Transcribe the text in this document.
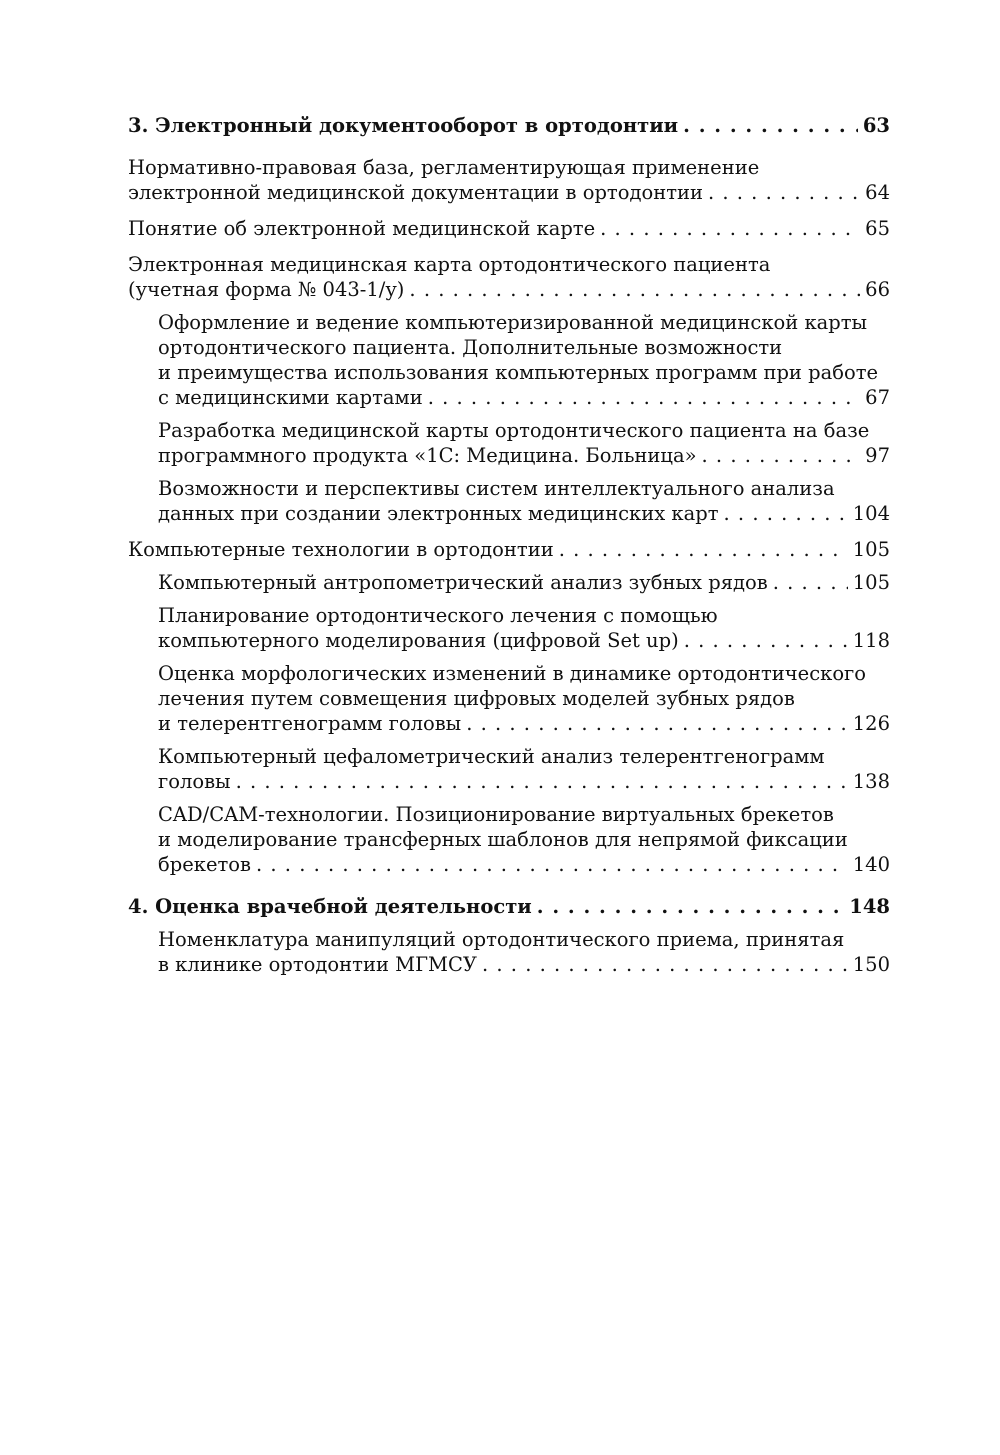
3. Электронный документооборот в ортодонтии . . .	63
Нормативно-правовая база, регламентирующая применение
электронной медицинской документации в ортодонтии . . .	64
Понятие об электронной медицинской карте . . .	65
Электронная медицинская карта ортодонтического пациента
(учетная форма № 043-1/у) . . .	66
Оформление и ведение компьютеризированной медицинской карты
ортодонтического пациента. Дополнительные возможности
и преимущества использования компьютерных программ при работе
с медицинскими картами . . .	67
Разработка медицинской карты ортодонтического пациента на базе
программного продукта «1С: Медицина. Больница» . . .	97
Возможности и перспективы систем интеллектуального анализа
данных при создании электронных медицинских карт . . .	104
Компьютерные технологии в ортодонтии . . .	105
Компьютерный антропометрический анализ зубных рядов . . .	105
Планирование ортодонтического лечения с помощью
компьютерного моделирования (цифровой Set up) . . .	118
Оценка морфологических изменений в динамике ортодонтического
лечения путем совмещения цифровых моделей зубных рядов
и телерентгенограмм головы . . .	126
Компьютерный цефалометрический анализ телерентгенограмм
головы . . .	138
CAD/CAM-технологии. Позиционирование виртуальных брекетов
и моделирование трансферных шаблонов для непрямой фиксации
брекетов . . .	140
4. Оценка врачебной деятельности . . .	148
Номенклатура манипуляций ортодонтического приема, принятая
в клинике ортодонтии МГМСУ . . .	150
